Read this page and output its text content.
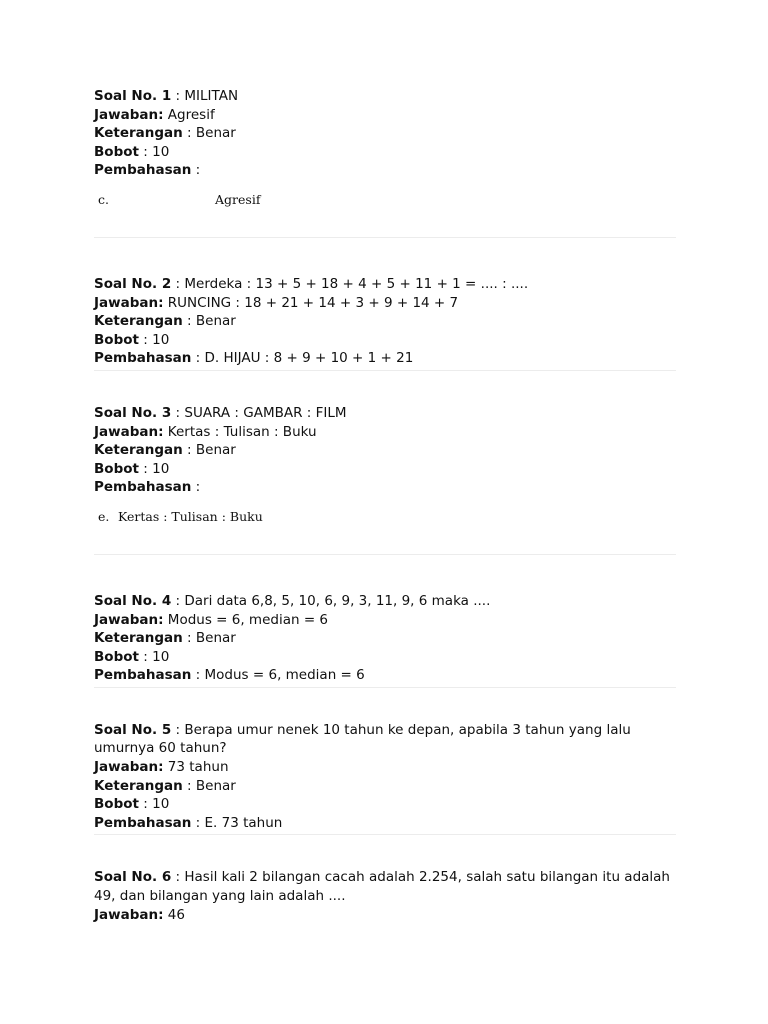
Soal No. 1 : MILITAN
Jawaban: Agresif
Keterangan : Benar
Bobot : 10
Pembahasan :
c.	Agresif
Soal No. 2 : Merdeka : 13 + 5 + 18 + 4 + 5 + 11 + 1 = .... : ....
Jawaban: RUNCING : 18 + 21 + 14 + 3 + 9 + 14 + 7
Keterangan : Benar
Bobot : 10
Pembahasan : D. HIJAU : 8 + 9 + 10 + 1 + 21
Soal No. 3 : SUARA : GAMBAR : FILM
Jawaban: Kertas : Tulisan : Buku
Keterangan : Benar
Bobot : 10
Pembahasan :
e. Kertas : Tulisan : Buku
Soal No. 4 : Dari data 6,8, 5, 10, 6, 9, 3, 11, 9, 6 maka ....
Jawaban: Modus = 6, median = 6
Keterangan : Benar
Bobot : 10
Pembahasan : Modus = 6, median = 6
Soal No. 5 : Berapa umur nenek 10 tahun ke depan, apabila 3 tahun yang lalu umurnya 60 tahun?
Jawaban: 73 tahun
Keterangan : Benar
Bobot : 10
Pembahasan : E. 73 tahun
Soal No. 6 : Hasil kali 2 bilangan cacah adalah 2.254, salah satu bilangan itu adalah 49, dan bilangan yang lain adalah ....
Jawaban: 46
